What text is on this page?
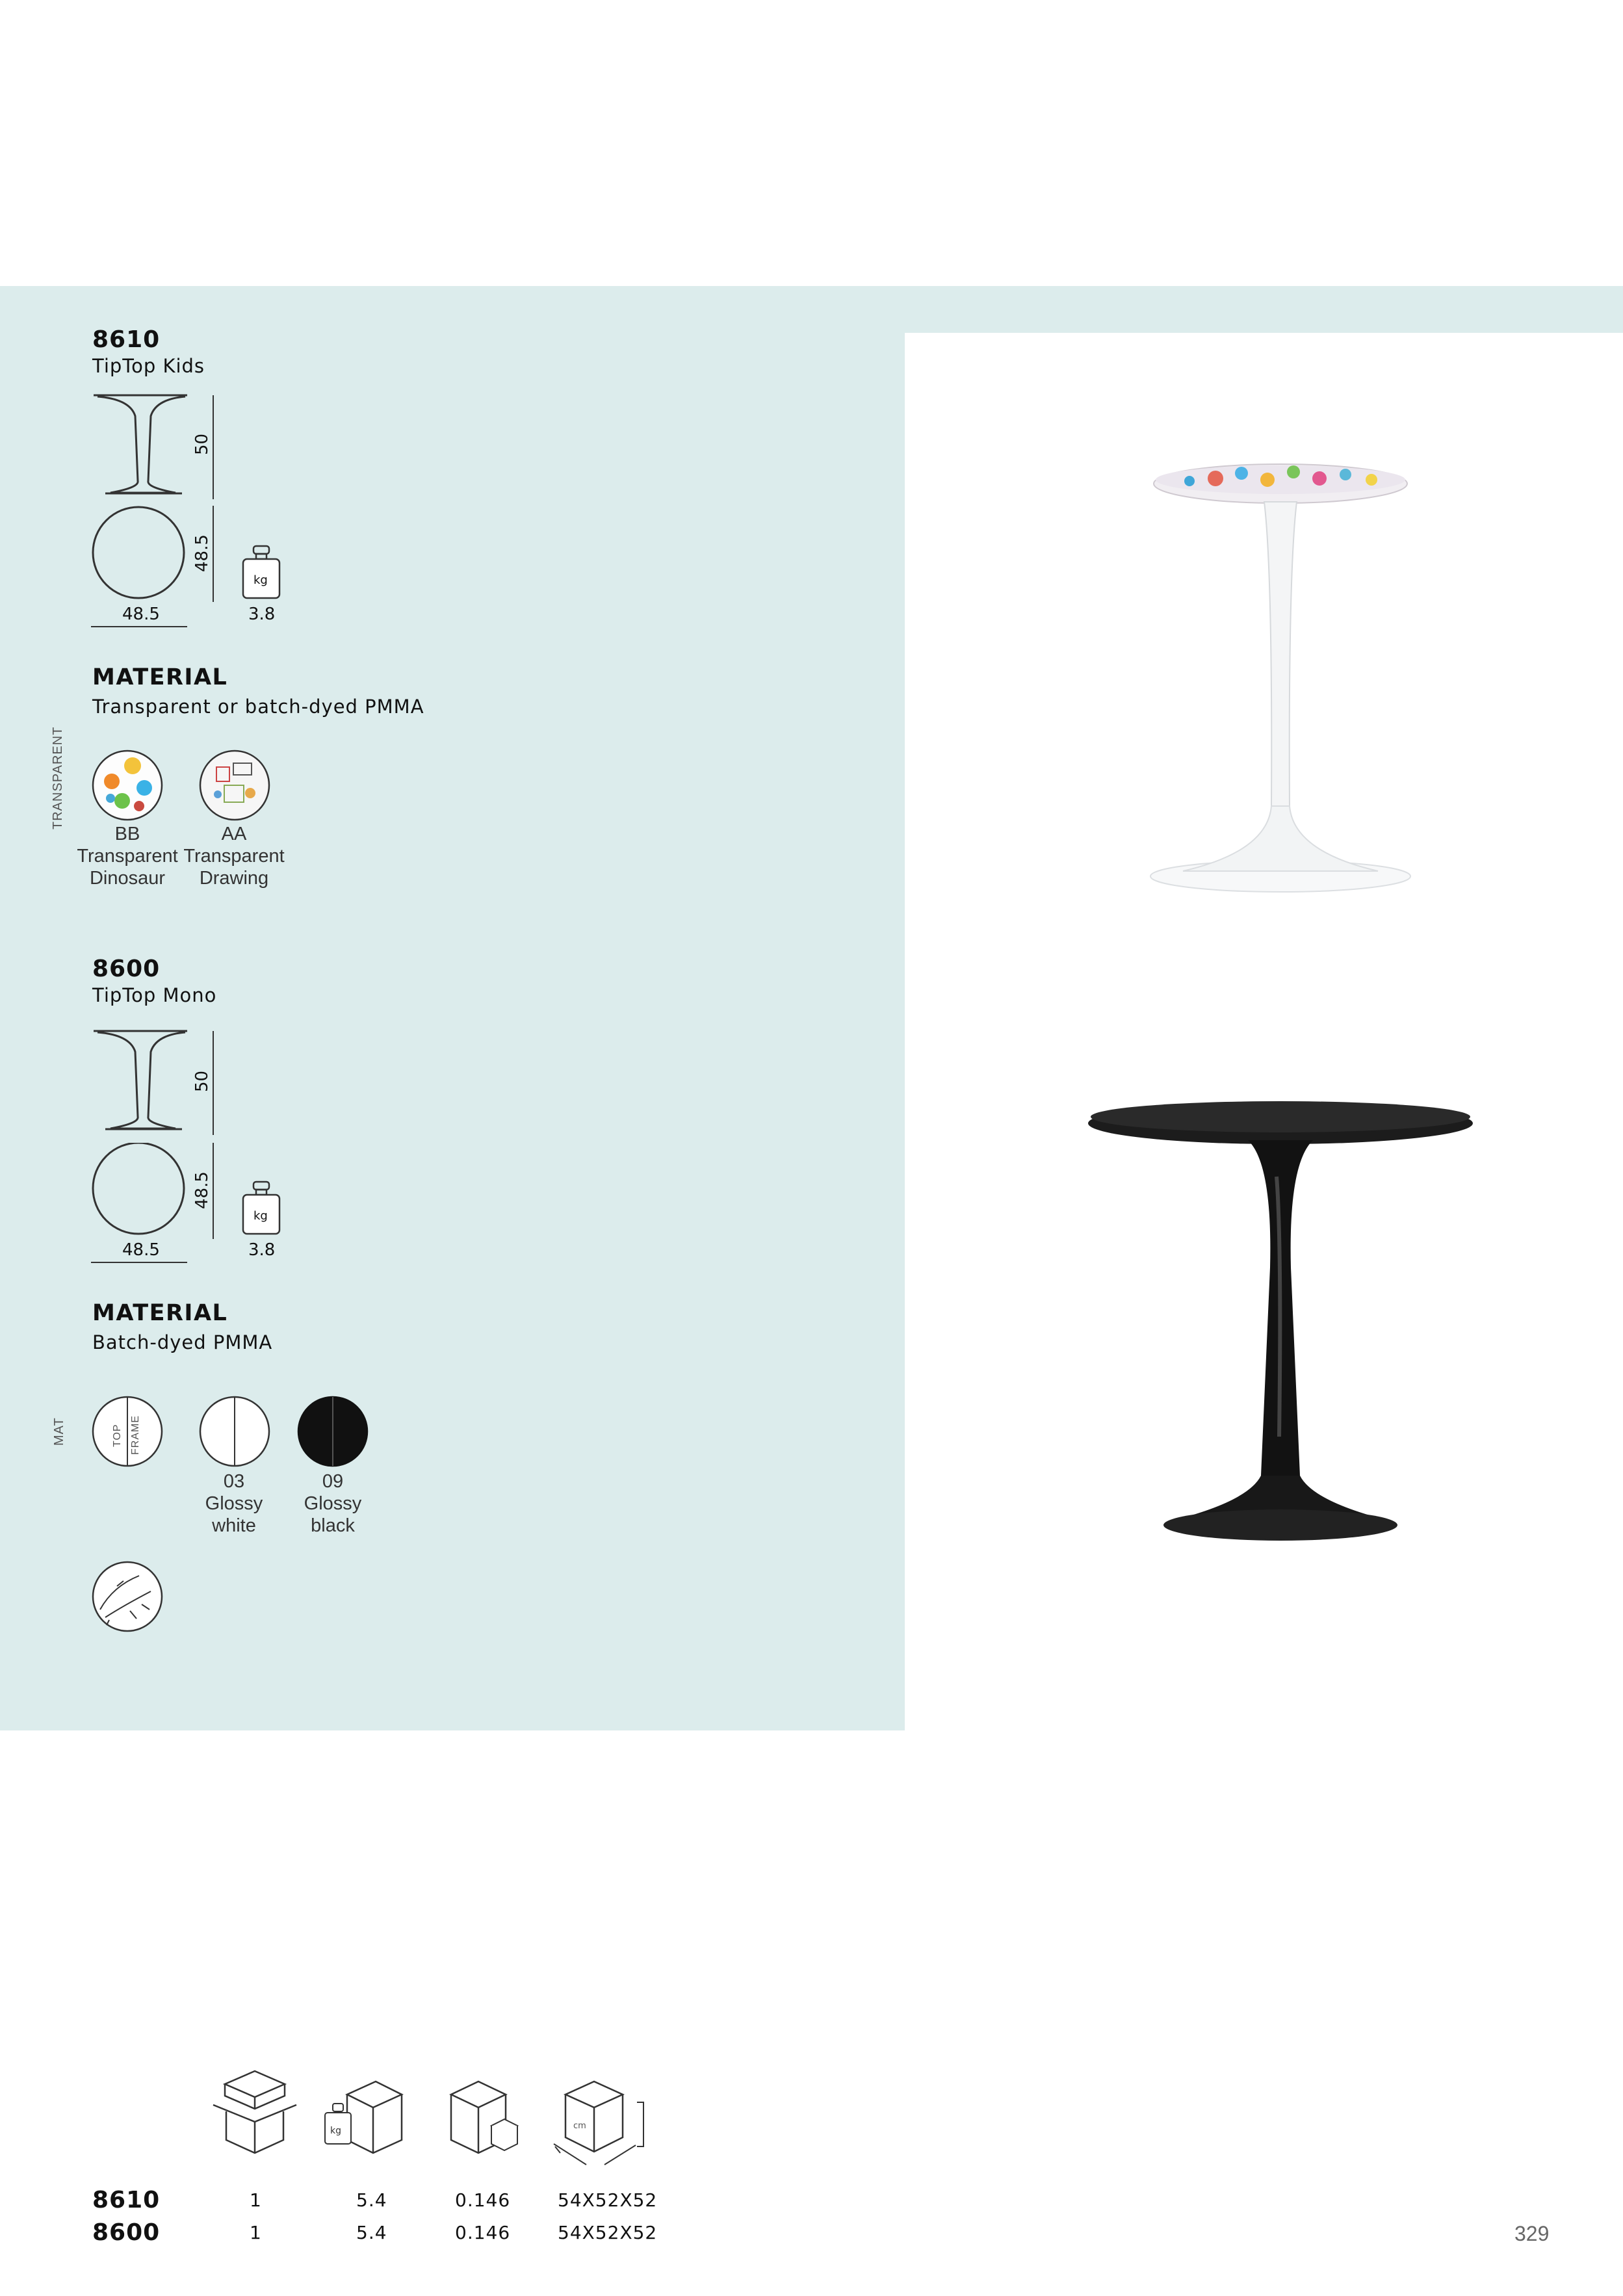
8610
TipTop Kids
50
48.5
48.5
kg
3.8
MATERIAL
Transparent or batch-dyed PMMA
TRANSPARENT
BB
Transparent
Dinosaur
AA
Transparent
Drawing
8600
TipTop Mono
50
48.5
48.5
kg
3.8
MATERIAL
Batch-dyed PMMA
MAT	TOP FRAME
03
Glossy
white
09
Glossy
black
kg	cm
8610	1	5.4	0.146	54X52X52
8600	1	5.4	0.146	54X52X52	329
